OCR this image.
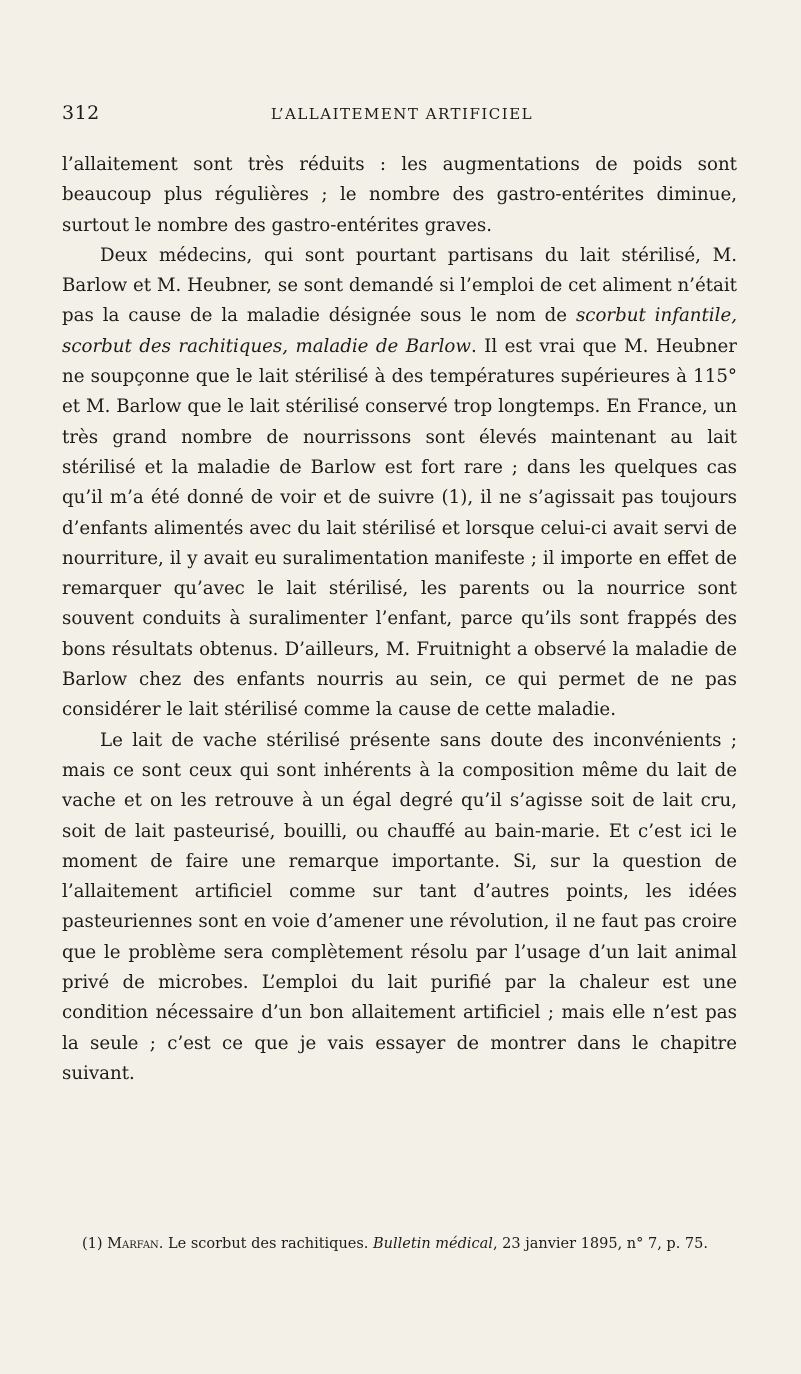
312	L’ALLAITEMENT ARTIFICIEL

l’allaitement sont très réduits : les augmentations de poids sont beaucoup plus régulières ; le nombre des gastro-entérites diminue, surtout le nombre des gastro-entérites graves.

Deux médecins, qui sont pourtant partisans du lait stérilisé, M. Barlow et M. Heubner, se sont demandé si l’emploi de cet aliment n’était pas la cause de la maladie désignée sous le nom de scorbut infantile, scorbut des rachitiques, maladie de Barlow. Il est vrai que M. Heubner ne soupçonne que le lait stérilisé à des températures supérieures à 115° et M. Barlow que le lait stérilisé conservé trop longtemps. En France, un très grand nombre de nourrissons sont élevés maintenant au lait stérilisé et la maladie de Barlow est fort rare ; dans les quelques cas qu’il m’a été donné de voir et de suivre (1), il ne s’agissait pas toujours d’enfants alimentés avec du lait stérilisé et lorsque celui-ci avait servi de nourriture, il y avait eu suralimentation manifeste ; il importe en effet de remarquer qu’avec le lait stérilisé, les parents ou la nourrice sont souvent conduits à suralimenter l’enfant, parce qu’ils sont frappés des bons résultats obtenus. D’ailleurs, M. Fruitnight a observé la maladie de Barlow chez des enfants nourris au sein, ce qui permet de ne pas considérer le lait stérilisé comme la cause de cette maladie.

Le lait de vache stérilisé présente sans doute des inconvénients ; mais ce sont ceux qui sont inhérents à la composition même du lait de vache et on les retrouve à un égal degré qu’il s’agisse soit de lait cru, soit de lait pasteurisé, bouilli, ou chauffé au bain-marie. Et c’est ici le moment de faire une remarque importante. Si, sur la question de l’allaitement artificiel comme sur tant d’autres points, les idées pasteuriennes sont en voie d’amener une révolution, il ne faut pas croire que le problème sera complètement résolu par l’usage d’un lait animal privé de microbes. L’emploi du lait purifié par la chaleur est une condition nécessaire d’un bon allaitement artificiel ; mais elle n’est pas la seule ; c’est ce que je vais essayer de montrer dans le chapitre suivant.

(1) Marfan. Le scorbut des rachitiques. Bulletin médical, 23 janvier 1895, n° 7, p. 75.
